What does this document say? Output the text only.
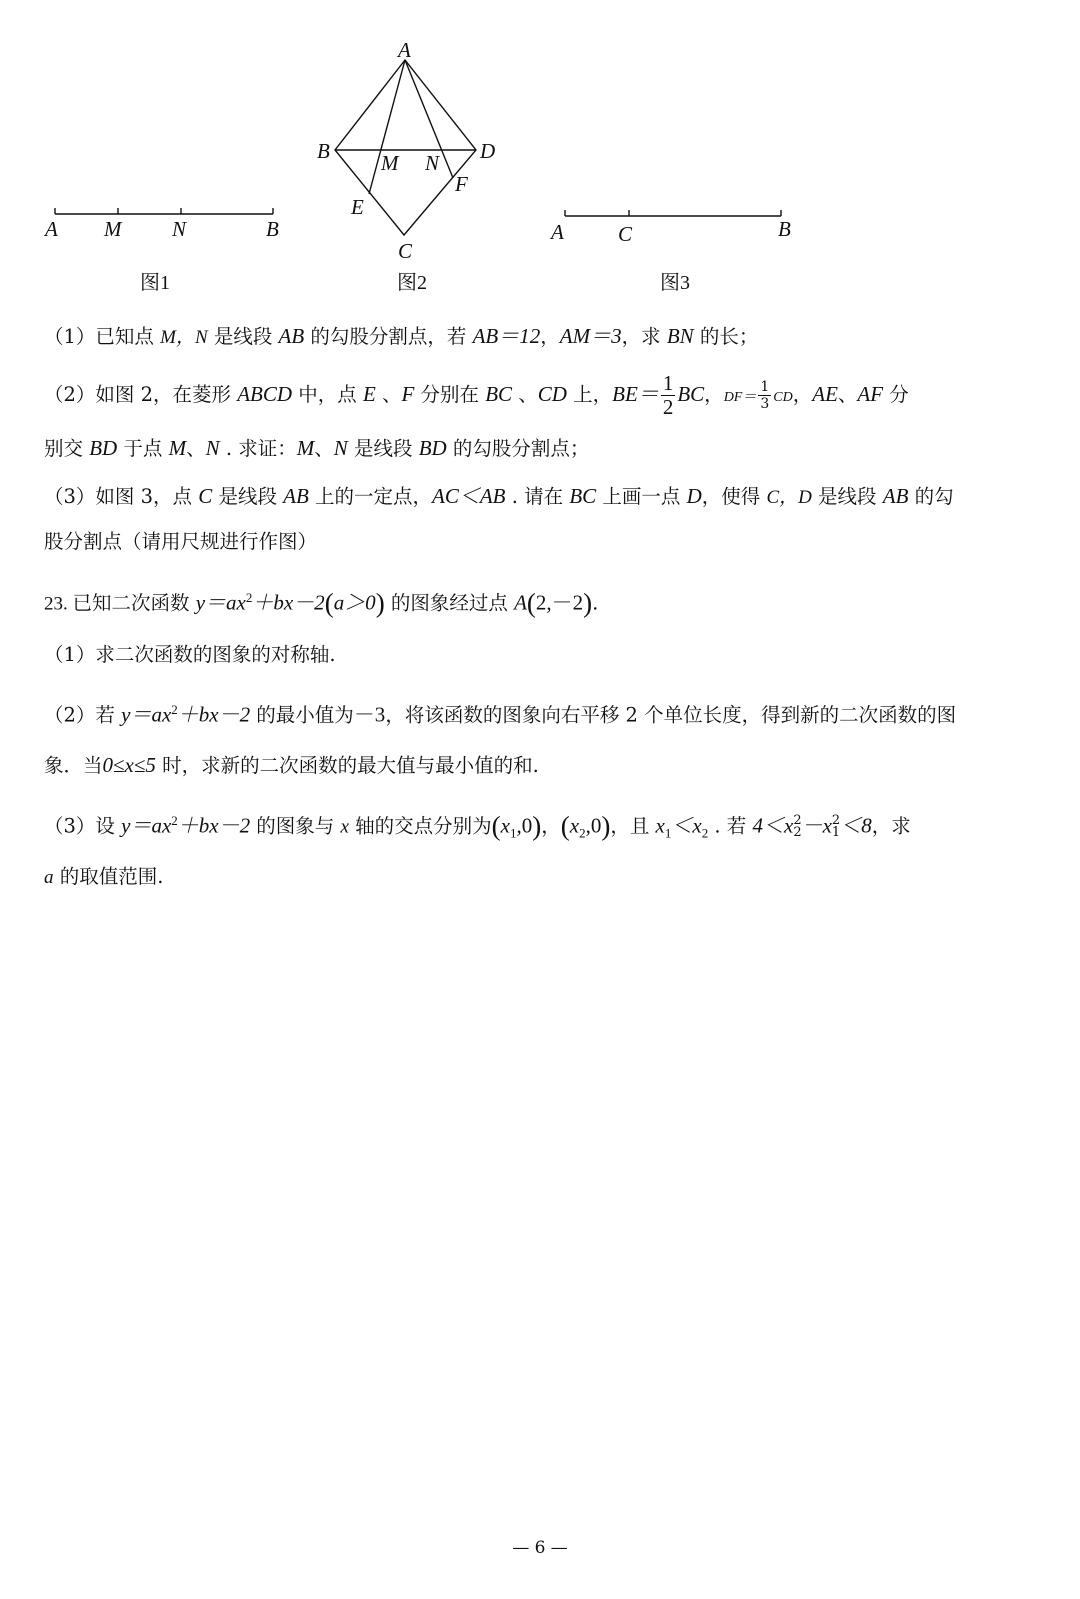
A M N	B
图1
A
B M N D
F
E
C
图2
A	C	B
图3
（1）已知点 M，N 是线段 AB 的勾股分割点，若 AB＝12，AM＝3，求 BN 的长；
（2）如图 2，在菱形 ABCD 中，点 E 、F 分别在 BC 、CD 上，$BE= \frac{1}{2}$ BC，$DF= \frac{1}{3}$ CD，AE、AF 分
别交 BD 于点 M、N . 求证：M、N 是线段 BD 的勾股分割点；
（3）如图 3，点 C 是线段 AB 上的一定点，AC＜AB . 请在 BC 上画一点 D，使得 C，D 是线段 AB 的勾
股分割点（请用尺规进行作图）
23. 已知二次函数 $y=ax^2+bx-2(a>0)$ 的图象经过点 A(2,－2).
（1）求二次函数的图象的对称轴.
（2）若 $y=ax^2+bx-2$ 的最小值为－3，将该函数的图象向右平移 2 个单位长度，得到新的二次函数的图
象．当0≤x≤5 时，求新的二次函数的最大值与最小值的和.
（3）设 $y=ax^2+bx-2$ 的图象与 x 轴的交点分别为$(x_1,0)$，$(x_2,0)$，且 $x_1<x_2$ . 若 4＜x 2
2 －x 2
1 ＜8，求
a 的取值范围.
— 6 —
